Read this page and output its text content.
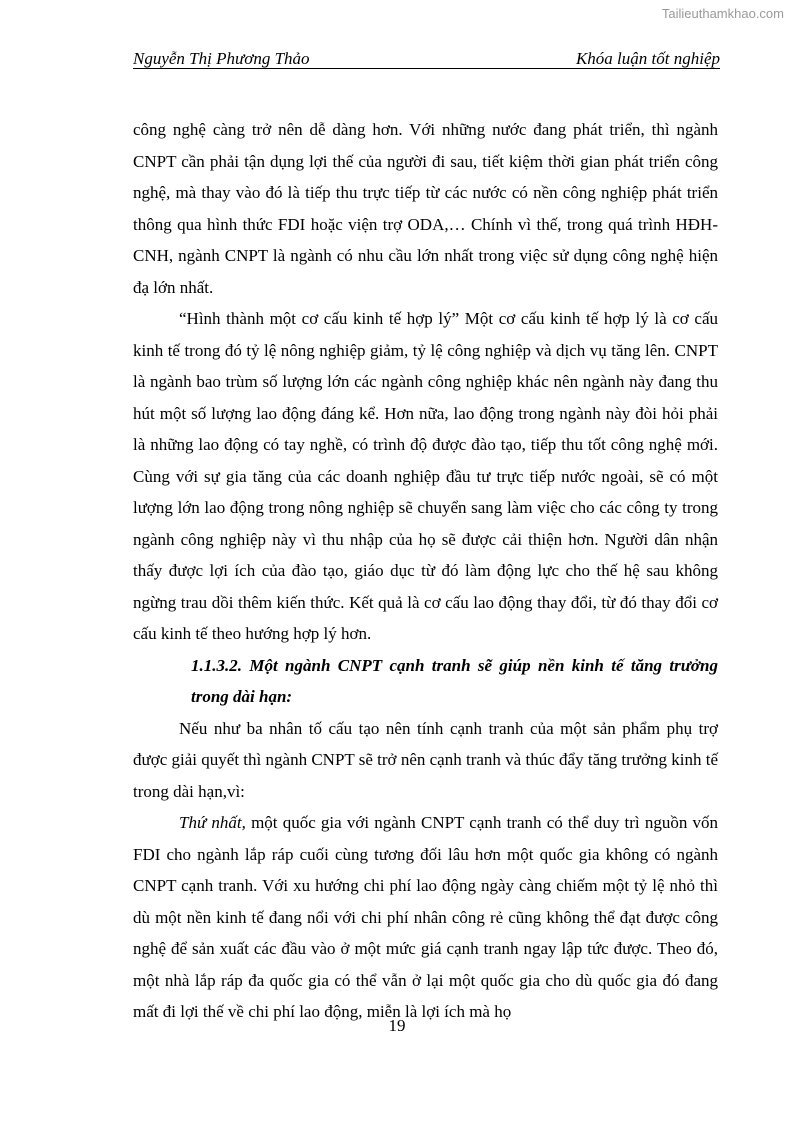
Tailieuthamkhao.com
Nguyễn Thị Phương Thảo	Khóa luận tốt nghiệp

công nghệ càng trở nên dễ dàng hơn. Với những nước đang phát triển, thì ngành CNPT cần phải tận dụng lợi thế của người đi sau, tiết kiệm thời gian phát triển công nghệ, mà thay vào đó là tiếp thu trực tiếp từ các nước có nền công nghiệp phát triển thông qua hình thức FDI hoặc viện trợ ODA,… Chính vì thế, trong quá trình HĐH-CNH, ngành CNPT là ngành có nhu cầu lớn nhất trong việc sử dụng công nghệ hiện đạ lớn nhất.

“Hình thành một cơ cấu kinh tế hợp lý” Một cơ cấu kinh tế hợp lý là cơ cấu kinh tế trong đó tỷ lệ nông nghiệp giảm, tỷ lệ công nghiệp và dịch vụ tăng lên. CNPT là ngành bao trùm số lượng lớn các ngành công nghiệp khác nên ngành này đang thu hút một số lượng lao động đáng kể. Hơn nữa, lao động trong ngành này đòi hỏi phải là những lao động có tay nghề, có trình độ được đào tạo, tiếp thu tốt công nghệ mới. Cùng với sự gia tăng của các doanh nghiệp đầu tư trực tiếp nước ngoài, sẽ có một lượng lớn lao động trong nông nghiệp sẽ chuyển sang làm việc cho các công ty trong ngành công nghiệp này vì thu nhập của họ sẽ được cải thiện hơn. Người dân nhận thấy được lợi ích của đào tạo, giáo dục từ đó làm động lực cho thế hệ sau không ngừng trau dồi thêm kiến thức. Kết quả là cơ cấu lao động thay đổi, từ đó thay đổi cơ cấu kinh tế theo hướng hợp lý hơn.

1.1.3.2. Một ngành CNPT cạnh tranh sẽ giúp nền kinh tế tăng trưởng trong dài hạn:

Nếu như ba nhân tố cấu tạo nên tính cạnh tranh của một sản phẩm phụ trợ được giải quyết thì ngành CNPT sẽ trở nên cạnh tranh và thúc đẩy tăng trưởng kinh tế trong dài hạn,vì:

Thứ nhất, một quốc gia với ngành CNPT cạnh tranh có thể duy trì nguồn vốn FDI cho ngành lắp ráp cuối cùng tương đối lâu hơn một quốc gia không có ngành CNPT cạnh tranh. Với xu hướng chi phí lao động ngày càng chiếm một tỷ lệ nhỏ thì dù một nền kinh tế đang nổi với chi phí nhân công rẻ cũng không thể đạt được công nghệ để sản xuất các đầu vào ở một mức giá cạnh tranh ngay lập tức được. Theo đó, một nhà lắp ráp đa quốc gia có thể vẫn ở lại một quốc gia cho dù quốc gia đó đang mất đi lợi thế về chi phí lao động, miễn là lợi ích mà họ

19
